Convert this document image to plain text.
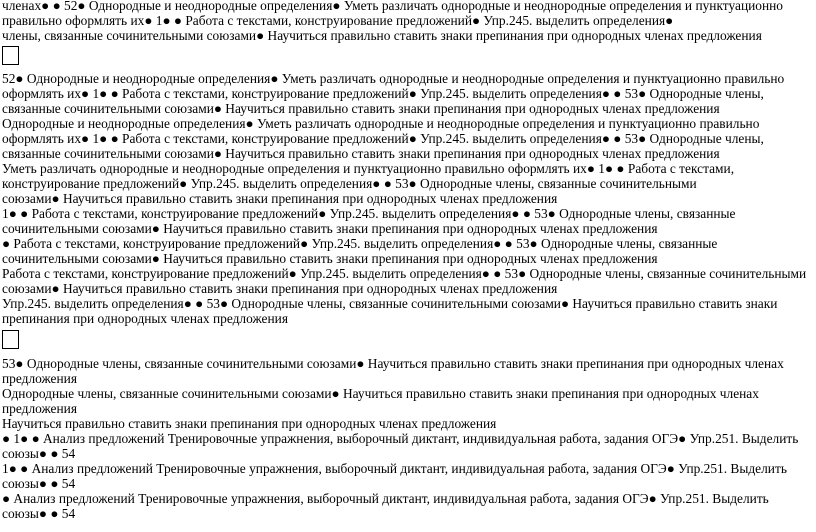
членах● ● 52● Однородные и неоднородные определения● Уметь различать однородные и неоднородные определения и пунктуационно
правильно оформлять их● 1● ● Работа с текстами, конструирование предложений● Упр.245. выделить определения●
члены, связанные сочинительными союзами● Научиться правильно ставить знаки препинания при однородных членах предложения
52● Однородные и неоднородные определения● Уметь различать однородные и неоднородные определения и пунктуационно правильно
оформлять их● 1● ● Работа с текстами, конструирование предложений● Упр.245. выделить определения● ● 53● Однородные члены,
связанные сочинительными союзами● Научиться правильно ставить знаки препинания при однородных членах предложения
Однородные и неоднородные определения● Уметь различать однородные и неоднородные определения и пунктуационно правильно
оформлять их● 1● ● Работа с текстами, конструирование предложений● Упр.245. выделить определения● ● 53● Однородные члены,
связанные сочинительными союзами● Научиться правильно ставить знаки препинания при однородных членах предложения
Уметь различать однородные и неоднородные определения и пунктуационно правильно оформлять их● 1● ● Работа с текстами,
конструирование предложений● Упр.245. выделить определения● ● 53● Однородные члены, связанные сочинительными
союзами● Научиться правильно ставить знаки препинания при однородных членах предложения
1● ● Работа с текстами, конструирование предложений● Упр.245. выделить определения● ● 53● Однородные члены, связанные
сочинительными союзами● Научиться правильно ставить знаки препинания при однородных членах предложения
● Работа с текстами, конструирование предложений● Упр.245. выделить определения● ● 53● Однородные члены, связанные
сочинительными союзами● Научиться правильно ставить знаки препинания при однородных членах предложения
Работа с текстами, конструирование предложений● Упр.245. выделить определения● ● 53● Однородные члены, связанные сочинительными
союзами● Научиться правильно ставить знаки препинания при однородных членах предложения
Упр.245. выделить определения● ● 53● Однородные члены, связанные сочинительными союзами● Научиться правильно ставить знаки
препинания при однородных членах предложения
53● Однородные члены, связанные сочинительными союзами● Научиться правильно ставить знаки препинания при однородных членах
предложения
Однородные члены, связанные сочинительными союзами● Научиться правильно ставить знаки препинания при однородных членах
предложения
Научиться правильно ставить знаки препинания при однородных членах предложения
● 1● ● Анализ предложений Тренировочные упражнения, выборочный диктант, индивидуальная работа, задания ОГЭ● Упр.251. Выделить
союзы● ● 54
1● ● Анализ предложений Тренировочные упражнения, выборочный диктант, индивидуальная работа, задания ОГЭ● Упр.251. Выделить
союзы● ● 54
● Анализ предложений Тренировочные упражнения, выборочный диктант, индивидуальная работа, задания ОГЭ● Упр.251. Выделить
союзы● ● 54
